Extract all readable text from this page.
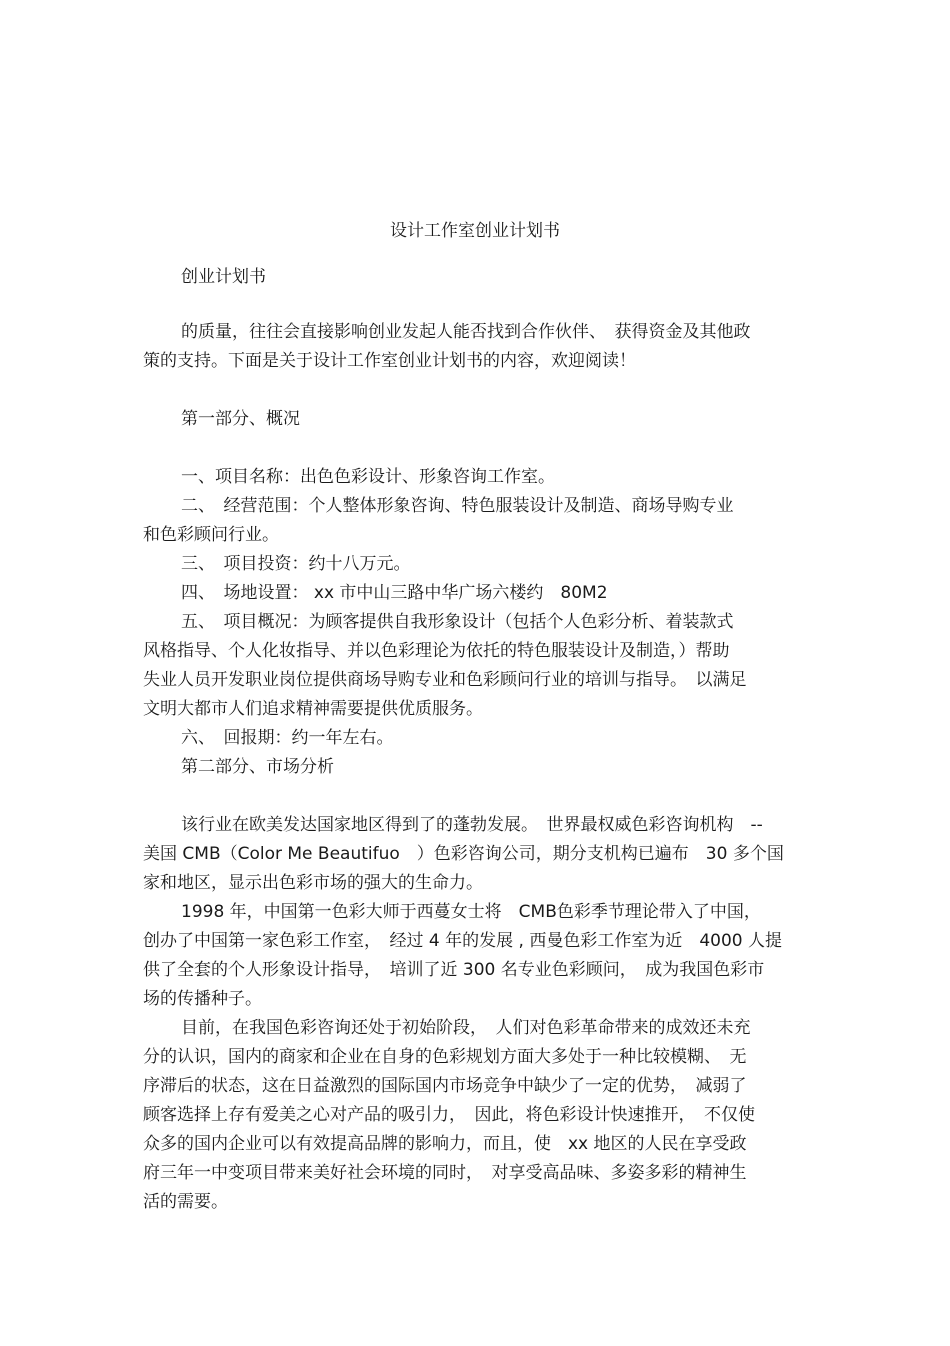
设计工作室创业计划书
创业计划书
的质量，往往会直接影响创业发起人能否找到合作伙伴、　获得资金及其他政
策的支持。下面是关于设计工作室创业计划书的内容，欢迎阅读！
第一部分、概况
一、项目名称：出色色彩设计、形象咨询工作室。
二、　经营范围：个人整体形象咨询、特色服装设计及制造、商场导购专业
和色彩顾问行业。
三、　项目投资：约十八万元。
四、　场地设置： xx 市中山三路中华广场六楼约　80M2
五、　项目概况：为顾客提供自我形象设计（包括个人色彩分析、着装款式
风格指导、个人化妆指导、并以色彩理论为依托的特色服装设计及制造，）帮助
失业人员开发职业岗位提供商场导购专业和色彩顾问行业的培训与指导。　以满足
文明大都市人们追求精神需要提供优质服务。
六、　回报期：约一年左右。
第二部分、市场分析
该行业在欧美发达国家地区得到了的蓬勃发展。　世界最权威色彩咨询机构　--
美国 CMB（Color Me Beautifuo　）色彩咨询公司，期分支机构已遍布　30 多个国
家和地区，显示出色彩市场的强大的生命力。
1998 年，中国第一色彩大师于西蔓女士将　CMB色彩季节理论带入了中国，
创办了中国第一家色彩工作室，　经过 4 年的发展 , 西曼色彩工作室为近　4000 人提
供了全套的个人形象设计指导，　培训了近 300 名专业色彩顾问，　成为我国色彩市
场的传播种子。
目前，在我国色彩咨询还处于初始阶段，　人们对色彩革命带来的成效还未充
分的认识，国内的商家和企业在自身的色彩规划方面大多处于一种比较模糊、　无
序滞后的状态，这在日益激烈的国际国内市场竞争中缺少了一定的优势，　减弱了
顾客选择上存有爱美之心对产品的吸引力，　因此，将色彩设计快速推开，　不仅使
众多的国内企业可以有效提高品牌的影响力，而且，使　xx 地区的人民在享受政
府三年一中变项目带来美好社会环境的同时，　对享受高品味、多姿多彩的精神生
活的需要。
